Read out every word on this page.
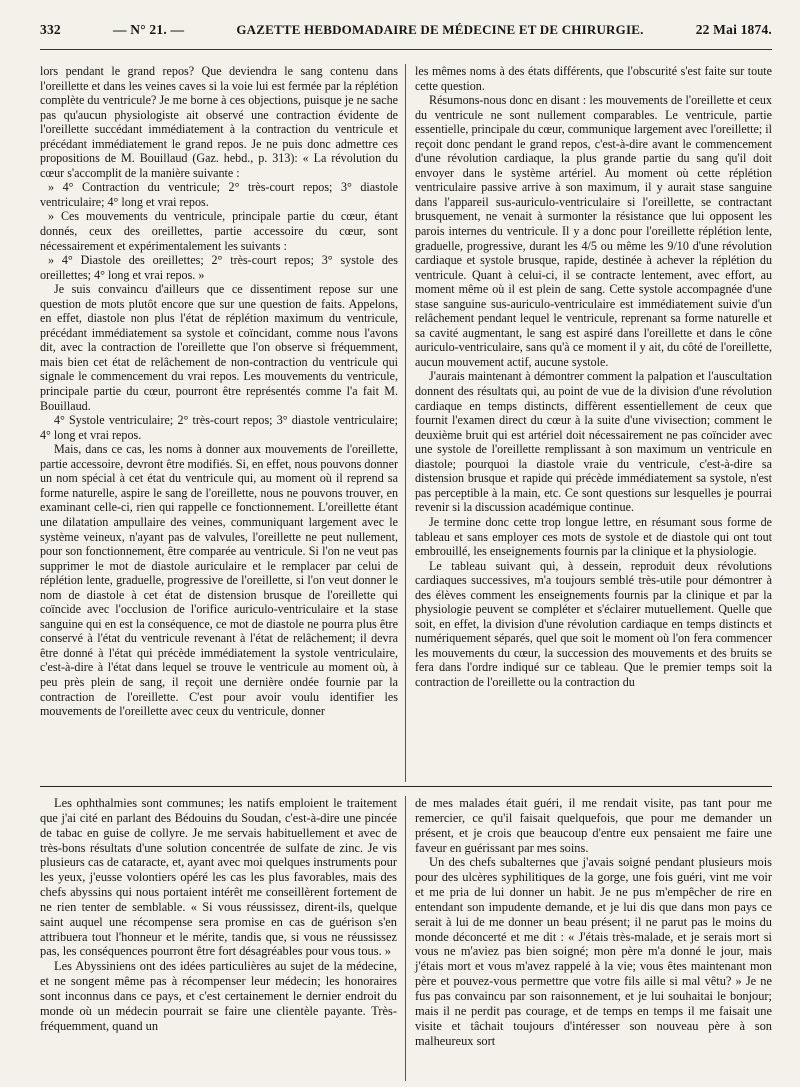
332	— N° 21. —	GAZETTE HEBDOMADAIRE DE MÉDECINE ET DE CHIRURGIE.	22 Mai 1874.

lors pendant le grand repos? Que deviendra le sang contenu dans l'oreillette et dans les veines caves si la voie lui est fermée par la réplétion complète du ventricule? Je me borne à ces objections, puisque je ne sache pas qu'aucun physiologiste ait observé une contraction évidente de l'oreillette succédant immédiatement à la contraction du ventricule et précédant immédiatement le grand repos. Je ne puis donc admettre ces propositions de M. Bouillaud (Gaz. hebd., p. 313): « La révolution du cœur s'accomplit de la manière suivante :

» 4° Contraction du ventricule; 2° très-court repos; 3° diastole ventriculaire; 4° long et vrai repos.

» Ces mouvements du ventricule, principale partie du cœur, étant donnés, ceux des oreillettes, partie accessoire du cœur, sont nécessairement et expérimentalement les suivants :

» 4° Diastole des oreillettes; 2° très-court repos; 3° systole des oreillettes; 4° long et vrai repos. »

Je suis convaincu d'ailleurs que ce dissentiment repose sur une question de mots plutôt encore que sur une question de faits. Appelons, en effet, diastole non plus l'état de réplétion maximum du ventricule, précédant immédiatement sa systole et coïncidant, comme nous l'avons dit, avec la contraction de l'oreillette que l'on observe si fréquemment, mais bien cet état de relâchement de non-contraction du ventricule qui signale le commencement du vrai repos. Les mouvements du ventricule, principale partie du cœur, pourront être représentés comme l'a fait M. Bouillaud.

4° Systole ventriculaire; 2° très-court repos; 3° diastole ventriculaire; 4° long et vrai repos.

Mais, dans ce cas, les noms à donner aux mouvements de l'oreillette, partie accessoire, devront être modifiés. Si, en effet, nous pouvons donner un nom spécial à cet état du ventricule qui, au moment où il reprend sa forme naturelle, aspire le sang de l'oreillette, nous ne pouvons trouver, en examinant celle-ci, rien qui rappelle ce fonctionnement. L'oreillette étant une dilatation ampullaire des veines, communiquant largement avec le système veineux, n'ayant pas de valvules, l'oreillette ne peut nullement, pour son fonctionnement, être comparée au ventricule. Si l'on ne veut pas supprimer le mot de diastole auriculaire et le remplacer par celui de réplétion lente, graduelle, progressive de l'oreillette, si l'on veut donner le nom de diastole à cet état de distension brusque de l'oreillette qui coïncide avec l'occlusion de l'orifice auriculo-ventriculaire et la stase sanguine qui en est la conséquence, ce mot de diastole ne pourra plus être conservé à l'état du ventricule revenant à l'état de relâchement; il devra être donné à l'état qui précède immédiatement la systole ventriculaire, c'est-à-dire à l'état dans lequel se trouve le ventricule au moment où, à peu près plein de sang, il reçoit une dernière ondée fournie par la contraction de l'oreillette. C'est pour avoir voulu identifier les mouvements de l'oreillette avec ceux du ventricule, donner

les mêmes noms à des états différents, que l'obscurité s'est faite sur toute cette question.

Résumons-nous donc en disant : les mouvements de l'oreillette et ceux du ventricule ne sont nullement comparables. Le ventricule, partie essentielle, principale du cœur, communique largement avec l'oreillette; il reçoit donc pendant le grand repos, c'est-à-dire avant le commencement d'une révolution cardiaque, la plus grande partie du sang qu'il doit envoyer dans le système artériel. Au moment où cette réplétion ventriculaire passive arrive à son maximum, il y aurait stase sanguine dans l'appareil sus-auriculo-ventriculaire si l'oreillette, se contractant brusquement, ne venait à surmonter la résistance que lui opposent les parois internes du ventricule. Il y a donc pour l'oreillette réplétion lente, graduelle, progressive, durant les 4/5 ou même les 9/10 d'une révolution cardiaque et systole brusque, rapide, destinée à achever la réplétion du ventricule. Quant à celui-ci, il se contracte lentement, avec effort, au moment même où il est plein de sang. Cette systole accompagnée d'une stase sanguine sus-auriculo-ventriculaire est immédiatement suivie d'un relâchement pendant lequel le ventricule, reprenant sa forme naturelle et sa cavité augmentant, le sang est aspiré dans l'oreillette et dans le cône auriculo-ventriculaire, sans qu'à ce moment il y ait, du côté de l'oreillette, aucun mouvement actif, aucune systole.

J'aurais maintenant à démontrer comment la palpation et l'auscultation donnent des résultats qui, au point de vue de la division d'une révolution cardiaque en temps distincts, diffèrent essentiellement de ceux que fournit l'examen direct du cœur à la suite d'une vivisection; comment le deuxième bruit qui est artériel doit nécessairement ne pas coïncider avec une systole de l'oreillette remplissant à son maximum un ventricule en diastole; pourquoi la diastole vraie du ventricule, c'est-à-dire sa distension brusque et rapide qui précède immédiatement sa systole, n'est pas perceptible à la main, etc. Ce sont questions sur lesquelles je pourrai revenir si la discussion académique continue.

Je termine donc cette trop longue lettre, en résumant sous forme de tableau et sans employer ces mots de systole et de diastole qui ont tout embrouillé, les enseignements fournis par la clinique et la physiologie.

Le tableau suivant qui, à dessein, reproduit deux révolutions cardiaques successives, m'a toujours semblé très-utile pour démontrer à des élèves comment les enseignements fournis par la clinique et par la physiologie peuvent se compléter et s'éclairer mutuellement. Quelle que soit, en effet, la division d'une révolution cardiaque en temps distincts et numériquement séparés, quel que soit le moment où l'on fera commencer les mouvements du cœur, la succession des mouvements et des bruits se fera dans l'ordre indiqué sur ce tableau. Que le premier temps soit la contraction de l'oreillette ou la contraction du

Les ophthalmies sont communes; les natifs emploient le traitement que j'ai cité en parlant des Bédouins du Soudan, c'est-à-dire une pincée de tabac en guise de collyre. Je me servais habituellement et avec de très-bons résultats d'une solution concentrée de sulfate de zinc. Je vis plusieurs cas de cataracte, et, ayant avec moi quelques instruments pour les yeux, j'eusse volontiers opéré les cas les plus favorables, mais des chefs abyssins qui nous portaient intérêt me conseillèrent fortement de ne rien tenter de semblable. « Si vous réussissez, dirent-ils, quelque saint auquel une récompense sera promise en cas de guérison s'en attribuera tout l'honneur et le mérite, tandis que, si vous ne réussissez pas, les conséquences pourront être fort désagréables pour vous tous. »

Les Abyssiniens ont des idées particulières au sujet de la médecine, et ne songent même pas à récompenser leur médecin; les honoraires sont inconnus dans ce pays, et c'est certainement le dernier endroit du monde où un médecin pourrait se faire une clientèle payante. Très-fréquemment, quand un

de mes malades était guéri, il me rendait visite, pas tant pour me remercier, ce qu'il faisait quelquefois, que pour me demander un présent, et je crois que beaucoup d'entre eux pensaient me faire une faveur en guérissant par mes soins.

Un des chefs subalternes que j'avais soigné pendant plusieurs mois pour des ulcères syphilitiques de la gorge, une fois guéri, vint me voir et me pria de lui donner un habit. Je ne pus m'empêcher de rire en entendant son impudente demande, et je lui dis que dans mon pays ce serait à lui de me donner un beau présent; il ne parut pas le moins du monde déconcerté et me dit : « J'étais très-malade, et je serais mort si vous ne m'aviez pas bien soigné; mon père m'a donné le jour, mais j'étais mort et vous m'avez rappelé à la vie; vous êtes maintenant mon père et pouvez-vous permettre que votre fils aille si mal vêtu? » Je ne fus pas convaincu par son raisonnement, et je lui souhaitai le bonjour; mais il ne perdit pas courage, et de temps en temps il me faisait une visite et tâchait toujours d'intéresser son nouveau père à son malheureux sort
